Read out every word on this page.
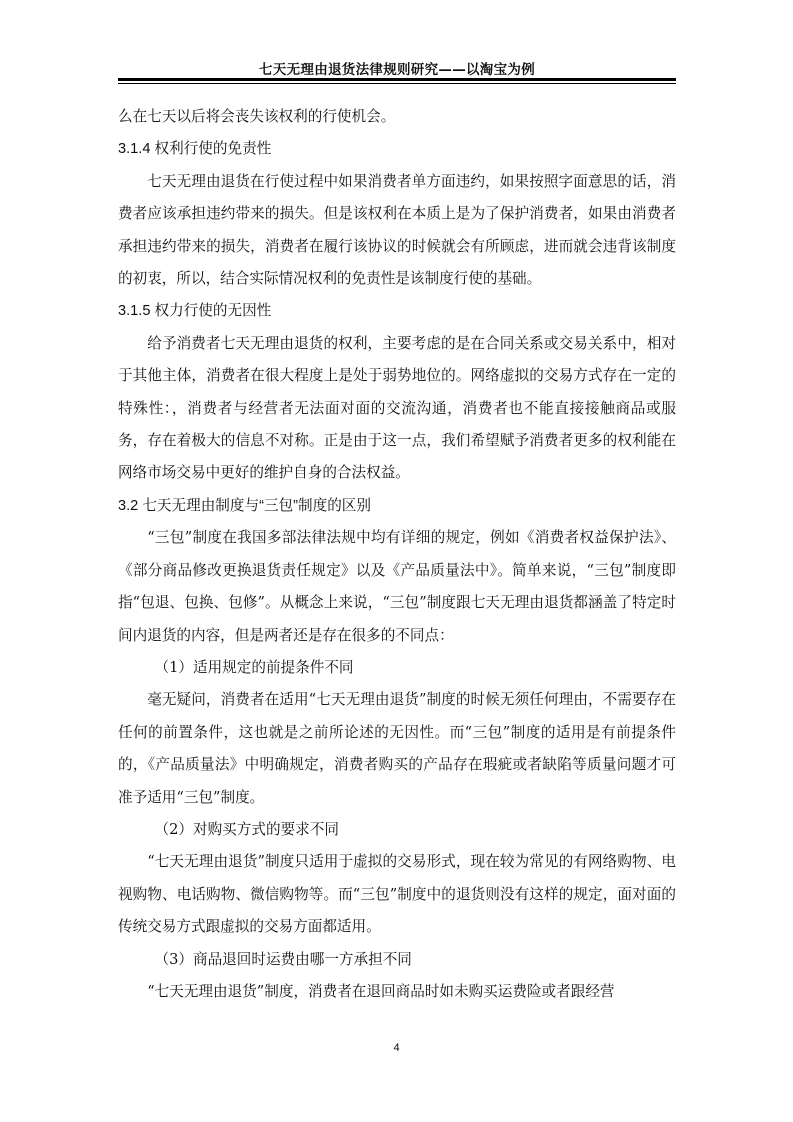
七天无理由退货法律规则研究——以淘宝为例

么在七天以后将会丧失该权利的行使机会。

3.1.4 权利行使的免责性

七天无理由退货在行使过程中如果消费者单方面违约，如果按照字面意思的话，消费者应该承担违约带来的损失。但是该权利在本质上是为了保护消费者，如果由消费者承担违约带来的损失，消费者在履行该协议的时候就会有所顾虑，进而就会违背该制度的初衷，所以，结合实际情况权利的免责性是该制度行使的基础。

3.1.5 权力行使的无因性

给予消费者七天无理由退货的权利，主要考虑的是在合同关系或交易关系中，相对于其他主体，消费者在很大程度上是处于弱势地位的。网络虚拟的交易方式存在一定的特殊性：，消费者与经营者无法面对面的交流沟通，消费者也不能直接接触商品或服务，存在着极大的信息不对称。正是由于这一点，我们希望赋予消费者更多的权利能在网络市场交易中更好的维护自身的合法权益。

3.2 七天无理由制度与“三包”制度的区别

“三包”制度在我国多部法律法规中均有详细的规定，例如《消费者权益保护法》、《部分商品修改更换退货责任规定》以及《产品质量法中》。简单来说，“三包”制度即指“包退、包换、包修”。从概念上来说，“三包”制度跟七天无理由退货都涵盖了特定时间内退货的内容，但是两者还是存在很多的不同点：

（1）适用规定的前提条件不同

毫无疑问，消费者在适用“七天无理由退货”制度的时候无须任何理由，不需要存在任何的前置条件，这也就是之前所论述的无因性。而“三包”制度的适用是有前提条件的，《产品质量法》中明确规定，消费者购买的产品存在瑕疵或者缺陷等质量问题才可准予适用“三包”制度。

（2）对购买方式的要求不同

“七天无理由退货”制度只适用于虚拟的交易形式，现在较为常见的有网络购物、电视购物、电话购物、微信购物等。而“三包”制度中的退货则没有这样的规定，面对面的传统交易方式跟虚拟的交易方面都适用。

（3）商品退回时运费由哪一方承担不同

“七天无理由退货”制度，消费者在退回商品时如未购买运费险或者跟经营

4
